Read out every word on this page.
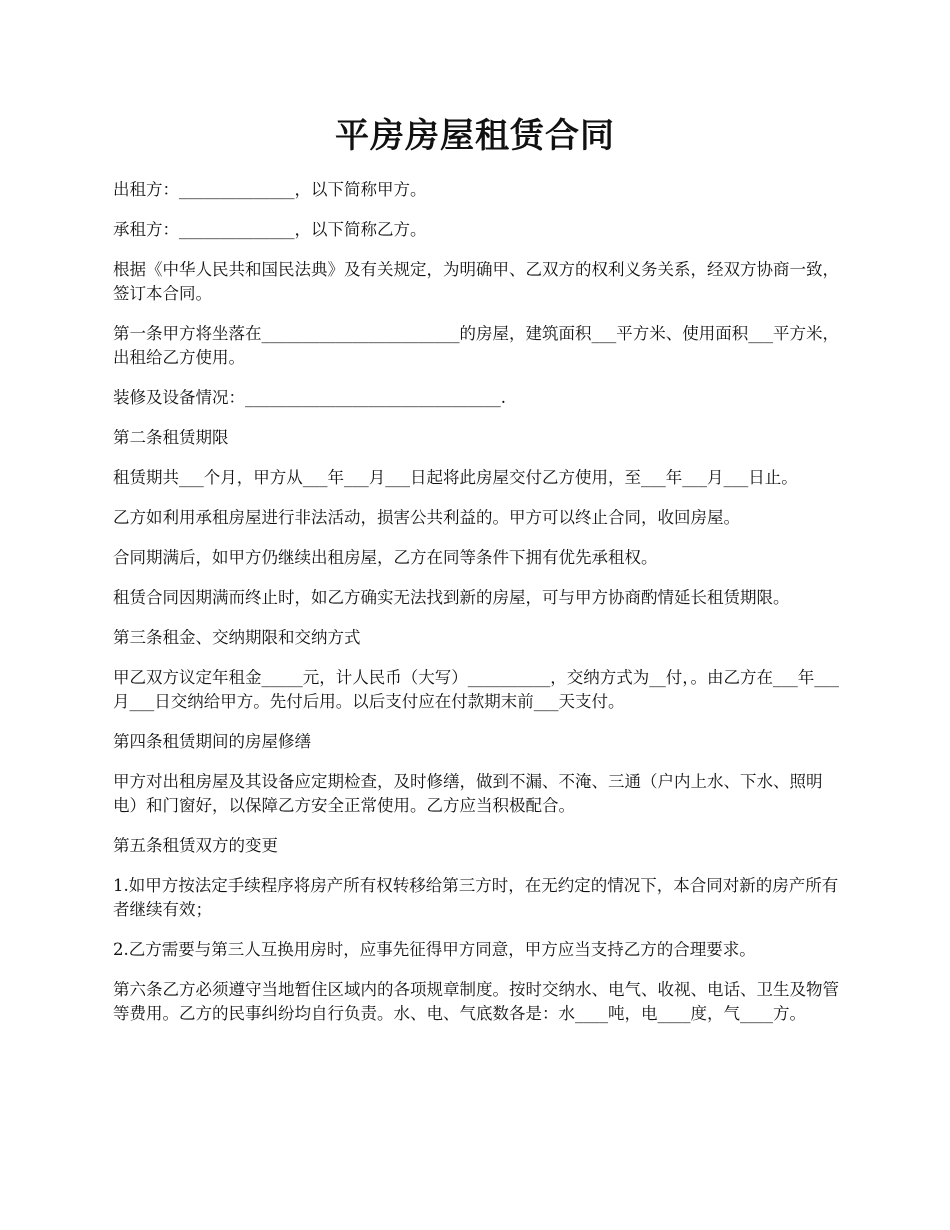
平房房屋租赁合同

出租方：______________，以下简称甲方。

承租方：______________，以下简称乙方。

根据《中华人民共和国民法典》及有关规定，为明确甲、乙双方的权利义务关系，经双方协商一致，签订本合同。

第一条甲方将坐落在________________________的房屋，建筑面积___平方米、使用面积___平方米，出租给乙方使用。

装修及设备情况：_______________________________.

第二条租赁期限

租赁期共___个月，甲方从___年___月___日起将此房屋交付乙方使用，至___年___月___日止。

乙方如利用承租房屋进行非法活动，损害公共利益的。甲方可以终止合同，收回房屋。

合同期满后，如甲方仍继续出租房屋，乙方在同等条件下拥有优先承租权。

租赁合同因期满而终止时，如乙方确实无法找到新的房屋，可与甲方协商酌情延长租赁期限。

第三条租金、交纳期限和交纳方式

甲乙双方议定年租金_____元，计人民币（大写）__________，交纳方式为__付，。由乙方在___年___月___日交纳给甲方。先付后用。以后支付应在付款期末前___天支付。

第四条租赁期间的房屋修缮

甲方对出租房屋及其设备应定期检查，及时修缮，做到不漏、不淹、三通（户内上水、下水、照明电）和门窗好，以保障乙方安全正常使用。乙方应当积极配合。

第五条租赁双方的变更

1.如甲方按法定手续程序将房产所有权转移给第三方时，在无约定的情况下，本合同对新的房产所有者继续有效；

2.乙方需要与第三人互换用房时，应事先征得甲方同意，甲方应当支持乙方的合理要求。

第六条乙方必须遵守当地暂住区域内的各项规章制度。按时交纳水、电气、收视、电话、卫生及物管等费用。乙方的民事纠纷均自行负责。水、电、气底数各是：水____吨，电____度，气____方。
